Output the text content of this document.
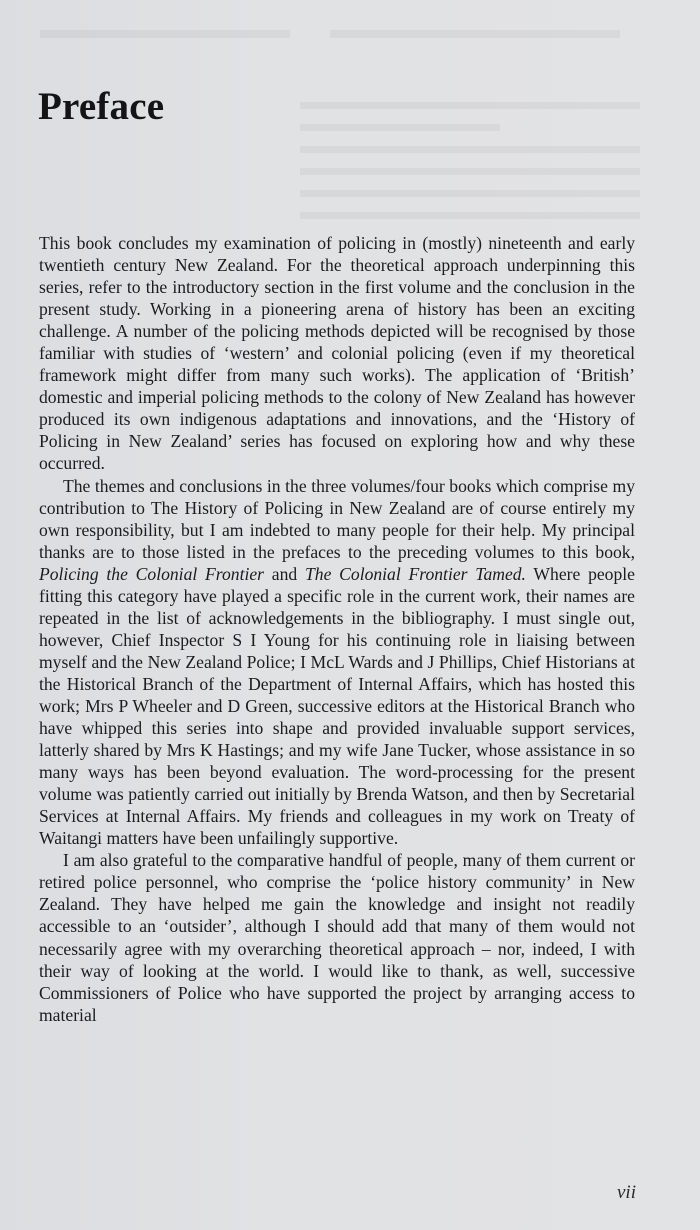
Preface

This book concludes my examination of policing in (mostly) nineteenth and early twentieth century New Zealand. For the theoretical approach underpinning this series, refer to the introductory section in the first volume and the conclusion in the present study. Working in a pioneering arena of history has been an exciting challenge. A number of the policing methods depicted will be recognised by those familiar with studies of ‘western’ and colonial policing (even if my theoretical framework might differ from many such works). The application of ‘British’ domestic and imperial policing methods to the colony of New Zealand has however produced its own indigenous adaptations and innovations, and the ‘History of Policing in New Zealand’ series has focused on exploring how and why these occurred.

The themes and conclusions in the three volumes/four books which comprise my contribution to The History of Policing in New Zealand are of course entirely my own responsibility, but I am indebted to many people for their help. My principal thanks are to those listed in the prefaces to the preceding volumes to this book, Policing the Colonial Frontier and The Colonial Frontier Tamed. Where people fitting this category have played a specific role in the current work, their names are repeated in the list of acknowledgements in the bibliography. I must single out, however, Chief Inspector S I Young for his continuing role in liaising between myself and the New Zealand Police; I McL Wards and J Phillips, Chief Historians at the Historical Branch of the Department of Internal Affairs, which has hosted this work; Mrs P Wheeler and D Green, successive editors at the Historical Branch who have whipped this series into shape and provided invaluable support services, latterly shared by Mrs K Hastings; and my wife Jane Tucker, whose assistance in so many ways has been beyond evaluation. The word-processing for the present volume was patiently carried out initially by Brenda Watson, and then by Secretarial Services at Internal Affairs. My friends and colleagues in my work on Treaty of Waitangi matters have been unfailingly supportive.

I am also grateful to the comparative handful of people, many of them current or retired police personnel, who comprise the ‘police history community’ in New Zealand. They have helped me gain the knowledge and insight not readily accessible to an ‘outsider’, although I should add that many of them would not necessarily agree with my overarching theoretical approach – nor, indeed, I with their way of looking at the world. I would like to thank, as well, successive Commissioners of Police who have supported the project by arranging access to material

vii
